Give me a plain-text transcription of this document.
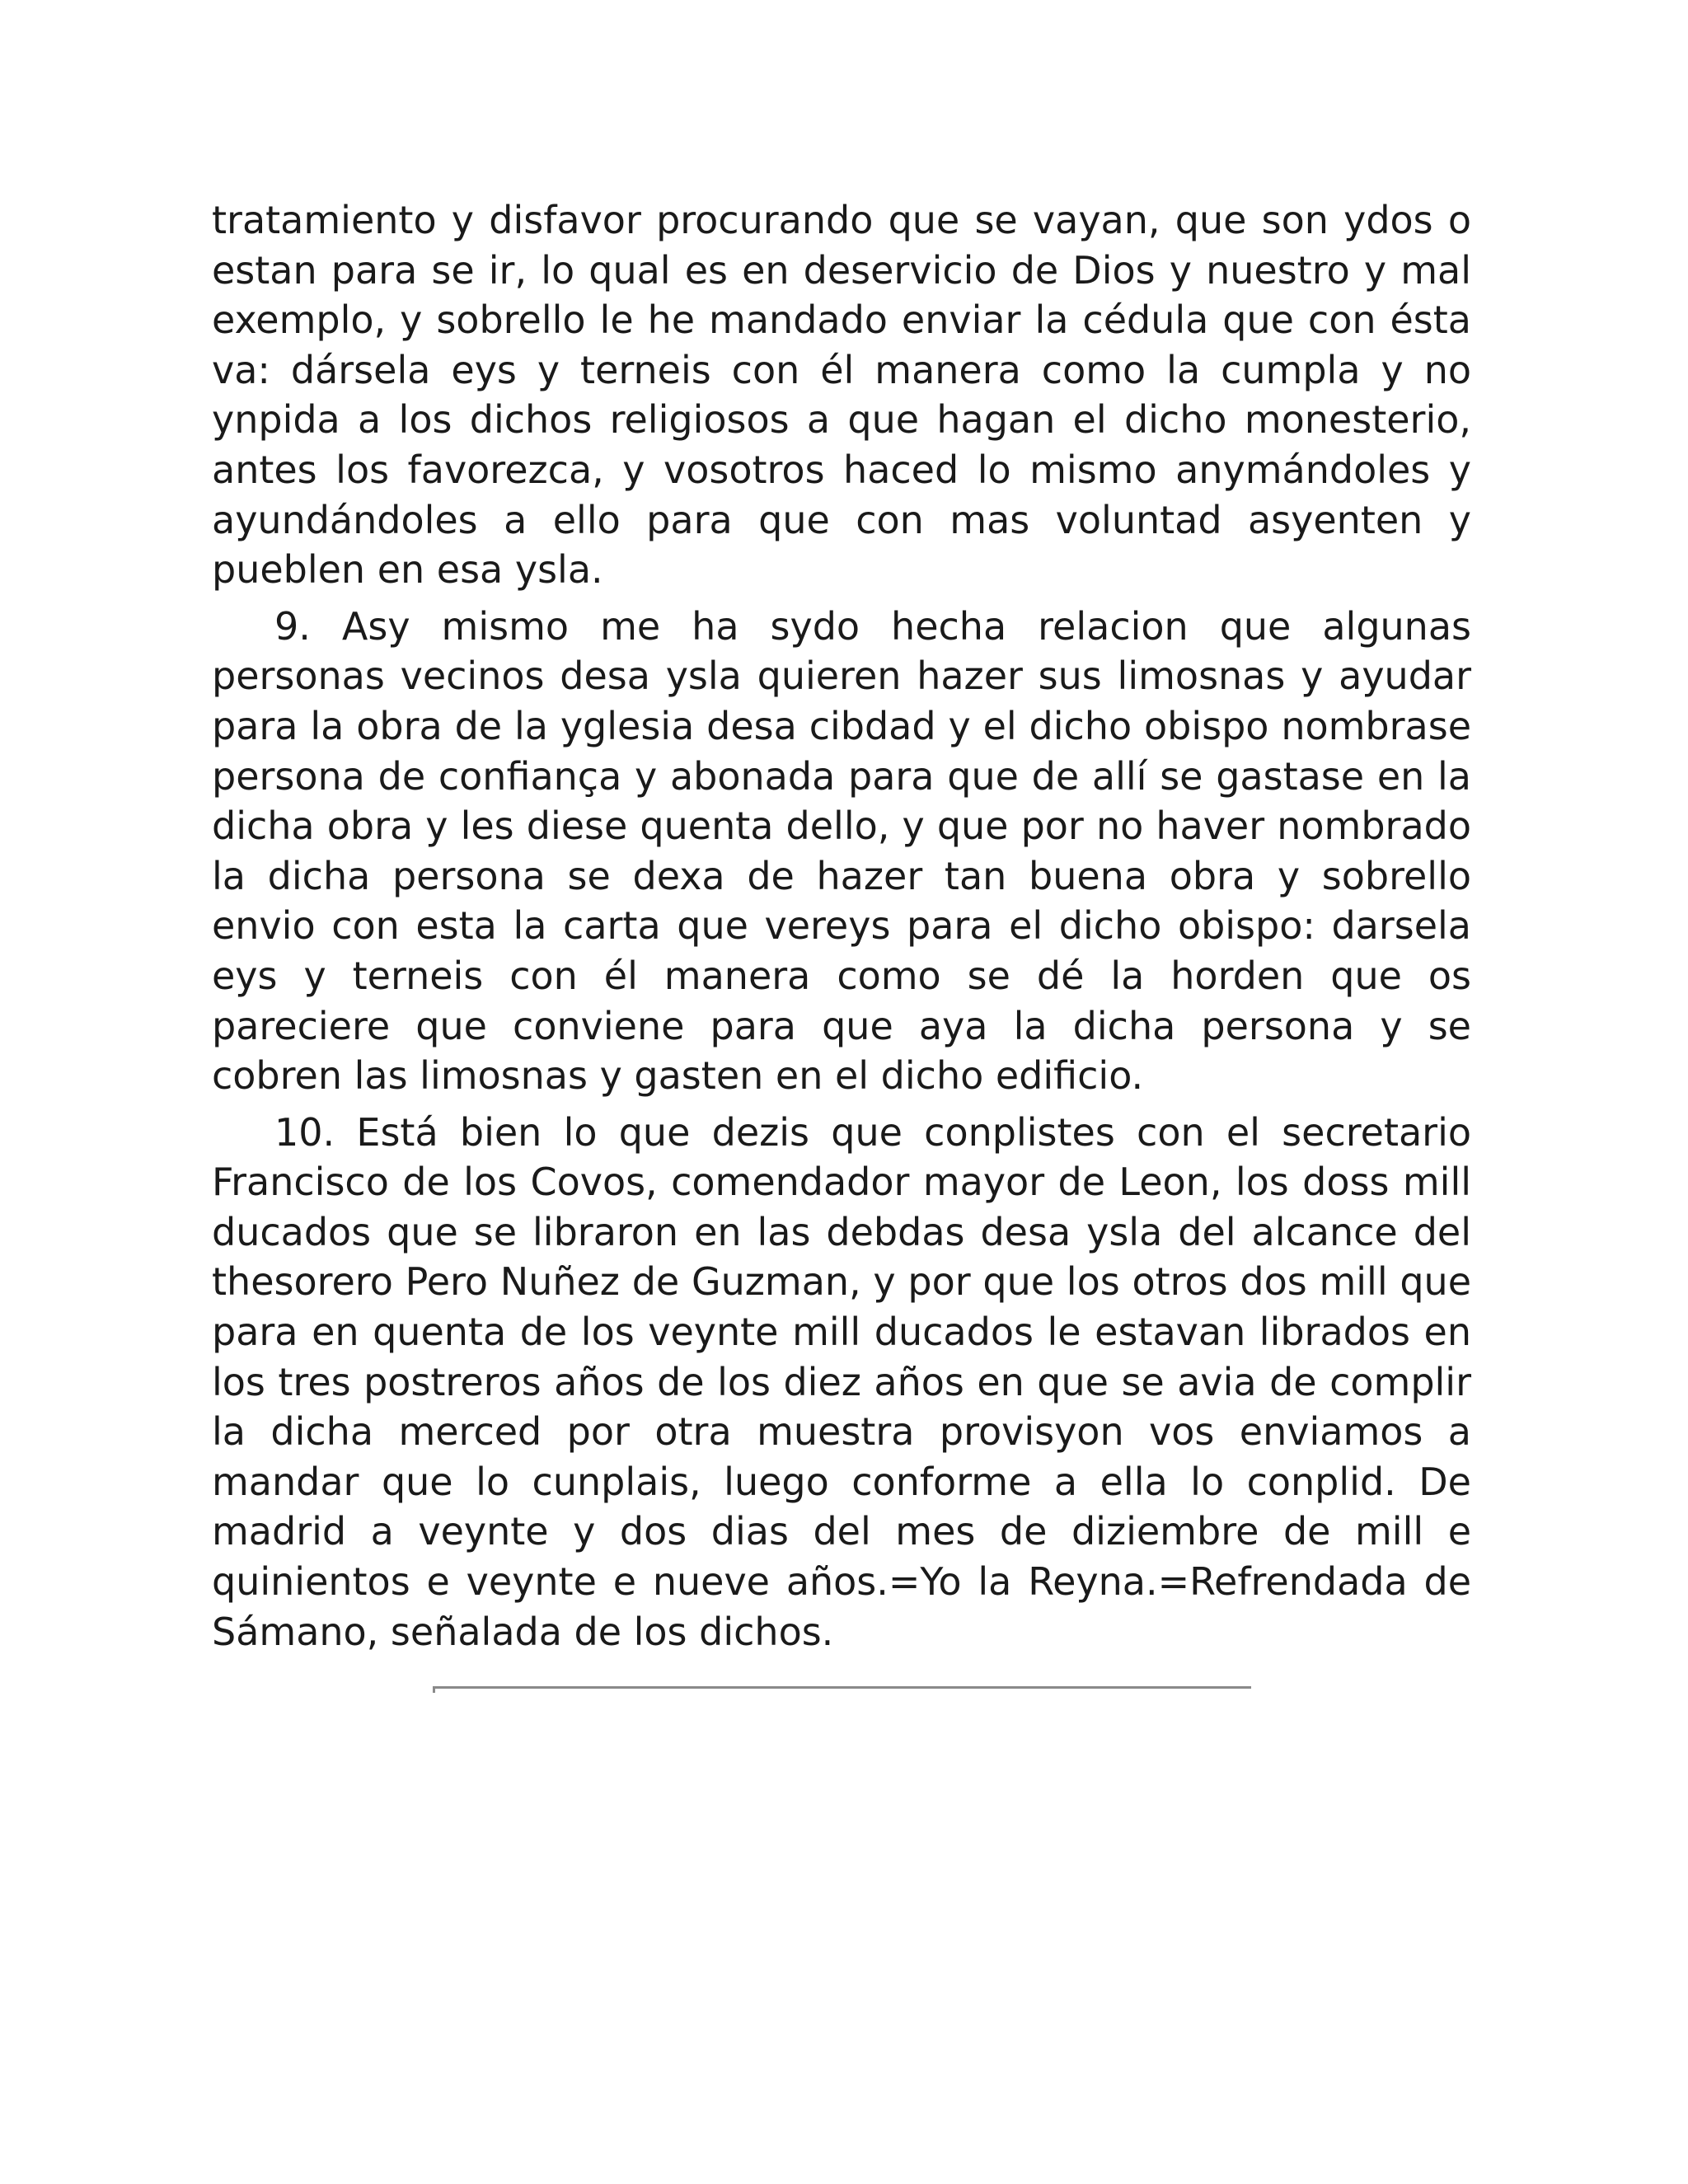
tratamiento y disfavor procurando que se vayan, que son ydos o estan para se ir, lo qual es en deservicio de Dios y nuestro y mal exemplo, y sobrello le he mandado enviar la cédula que con ésta va: dársela eys y terneis con él manera como la cumpla y no ynpida a los dichos religiosos a que hagan el dicho monesterio, antes los favorezca, y vosotros haced lo mismo anymándoles y ayundándoles a ello para que con mas voluntad asyenten y pueblen en esa ysla.

9. Asy mismo me ha sydo hecha relacion que algunas personas vecinos desa ysla quieren hazer sus limosnas y ayudar para la obra de la yglesia desa cibdad y el dicho obispo nombrase persona de confiança y abonada para que de allí se gastase en la dicha obra y les diese quenta dello, y que por no haver nombrado la dicha persona se dexa de hazer tan buena obra y sobrello envio con esta la carta que vereys para el dicho obispo: darsela eys y terneis con él manera como se dé la horden que os pareciere que conviene para que aya la dicha persona y se cobren las limosnas y gasten en el dicho edificio.

10. Está bien lo que dezis que conplistes con el secretario Francisco de los Covos, comendador mayor de Leon, los doss mill ducados que se libraron en las debdas desa ysla del alcance del thesorero Pero Nuñez de Guzman, y por que los otros dos mill que para en quenta de los veynte mill ducados le estavan librados en los tres postreros años de los diez años en que se avia de complir la dicha merced por otra muestra provisyon vos enviamos a mandar que lo cunplais, luego conforme a ella lo conplid. De madrid a veynte y dos dias del mes de diziembre de mill e quinientos e veynte e nueve años.=Yo la Reyna.=Refrendada de Sámano, señalada de los dichos.
